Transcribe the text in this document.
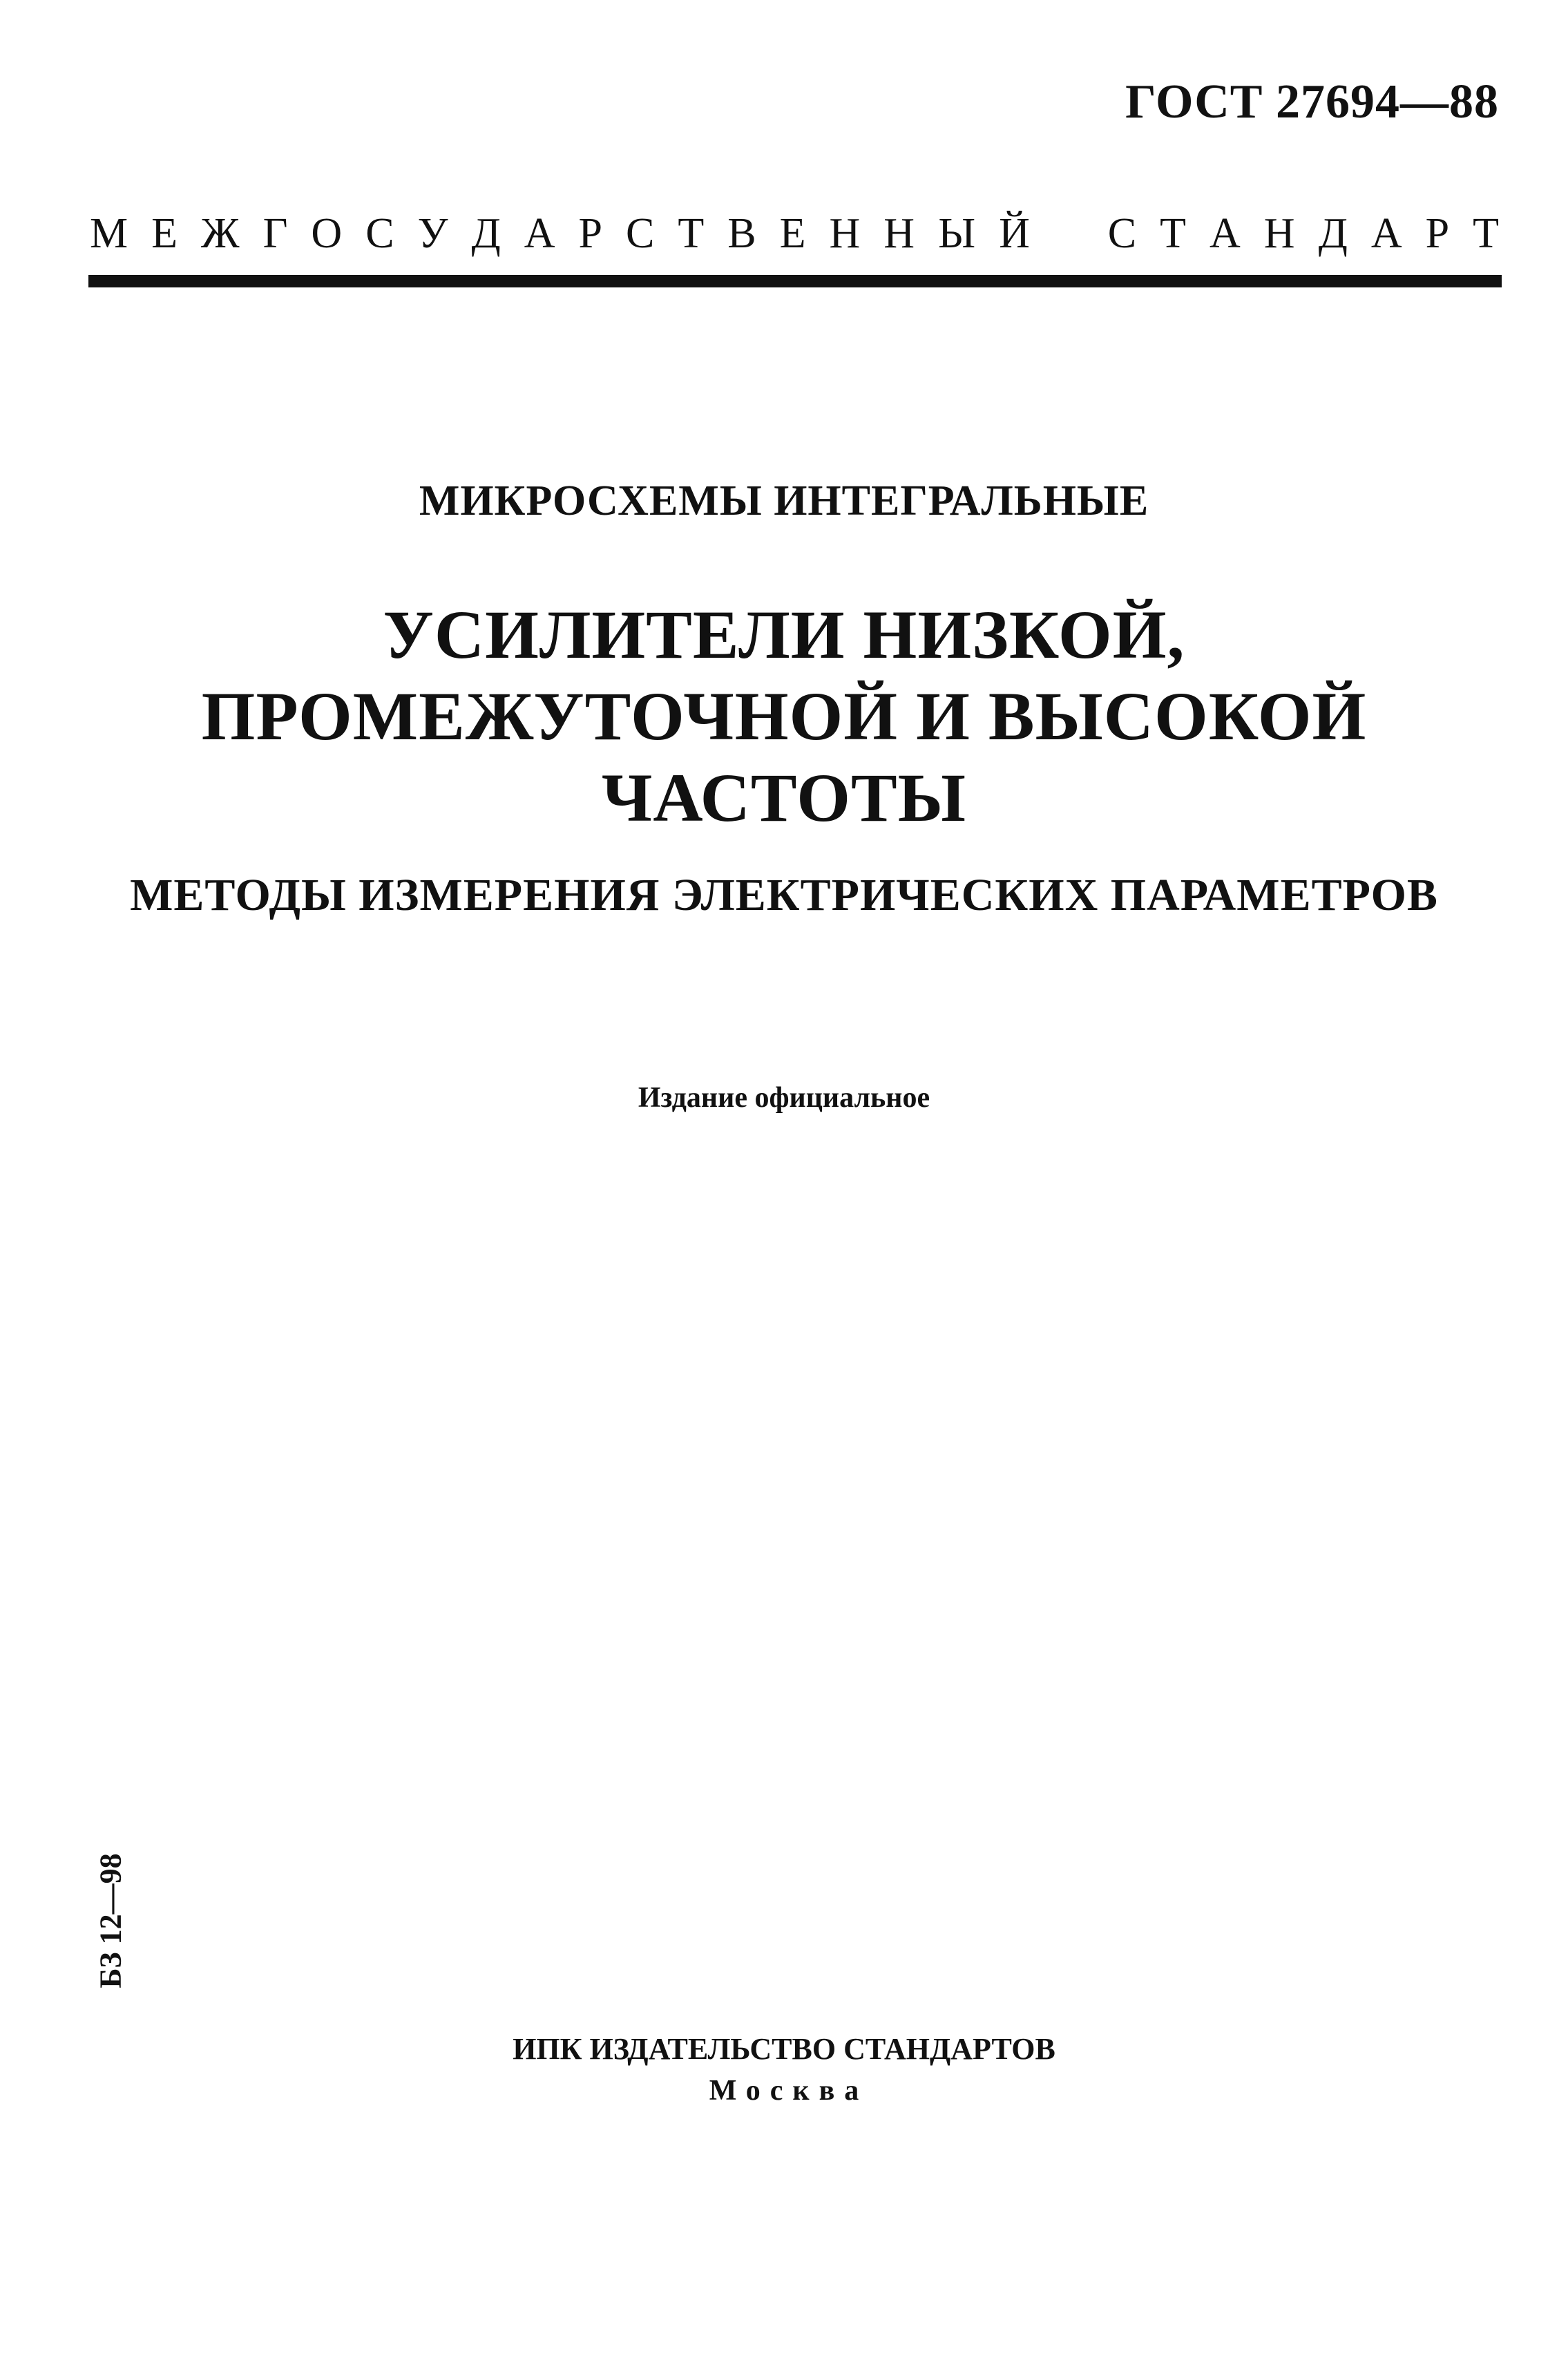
ГОСТ 27694—88
М Е Ж Г О С У Д А Р С Т В Е Н Н Ы Й С Т А Н Д А Р Т
МИКРОСХЕМЫ ИНТЕГРАЛЬНЫЕ
УСИЛИТЕЛИ НИЗКОЙ,
ПРОМЕЖУТОЧНОЙ И ВЫСОКОЙ
ЧАСТОТЫ
МЕТОДЫ ИЗМЕРЕНИЯ ЭЛЕКТРИЧЕСКИХ ПАРАМЕТРОВ
Издание официальное
БЗ 12—98
ИПК ИЗДАТЕЛЬСТВО СТАНДАРТОВ
Москва
